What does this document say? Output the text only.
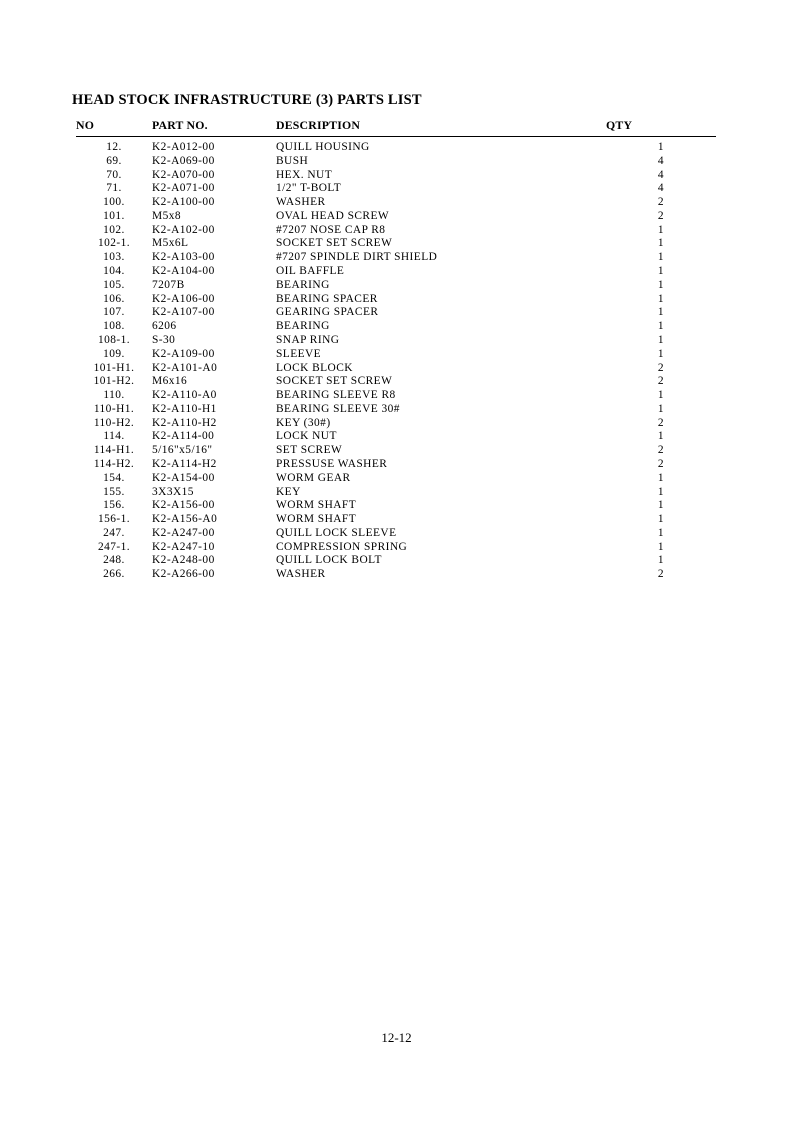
HEAD STOCK INFRASTRUCTURE (3) PARTS LIST
NO	PART NO.	DESCRIPTION	QTY
12.	K2-A012-00	QUILL HOUSING	1
69.	K2-A069-00	BUSH	4
70.	K2-A070-00	HEX. NUT	4
71.	K2-A071-00	1/2" T-BOLT	4
100.	K2-A100-00	WASHER	2
101.	M5x8	OVAL HEAD SCREW	2
102.	K2-A102-00	#7207 NOSE CAP R8	1
102-1.	M5x6L	SOCKET SET SCREW	1
103.	K2-A103-00	#7207 SPINDLE DIRT SHIELD	1
104.	K2-A104-00	OIL BAFFLE	1
105.	7207B	BEARING	1
106.	K2-A106-00	BEARING SPACER	1
107.	K2-A107-00	GEARING SPACER	1
108.	6206	BEARING	1
108-1.	S-30	SNAP RING	1
109.	K2-A109-00	SLEEVE	1
101-H1.	K2-A101-A0	LOCK BLOCK	2
101-H2.	M6x16	SOCKET SET SCREW	2
110.	K2-A110-A0	BEARING SLEEVE R8	1
110-H1.	K2-A110-H1	BEARING SLEEVE 30#	1
110-H2.	K2-A110-H2	KEY (30#)	2
114.	K2-A114-00	LOCK NUT	1
114-H1.	5/16"x5/16"	SET SCREW	2
114-H2.	K2-A114-H2	PRESSUSE WASHER	2
154.	K2-A154-00	WORM GEAR	1
155.	3X3X15	KEY	1
156.	K2-A156-00	WORM SHAFT	1
156-1.	K2-A156-A0	WORM SHAFT	1
247.	K2-A247-00	QUILL LOCK SLEEVE	1
247-1.	K2-A247-10	COMPRESSION SPRING	1
248.	K2-A248-00	QUILL LOCK BOLT	1
266.	K2-A266-00	WASHER	2
12-12
